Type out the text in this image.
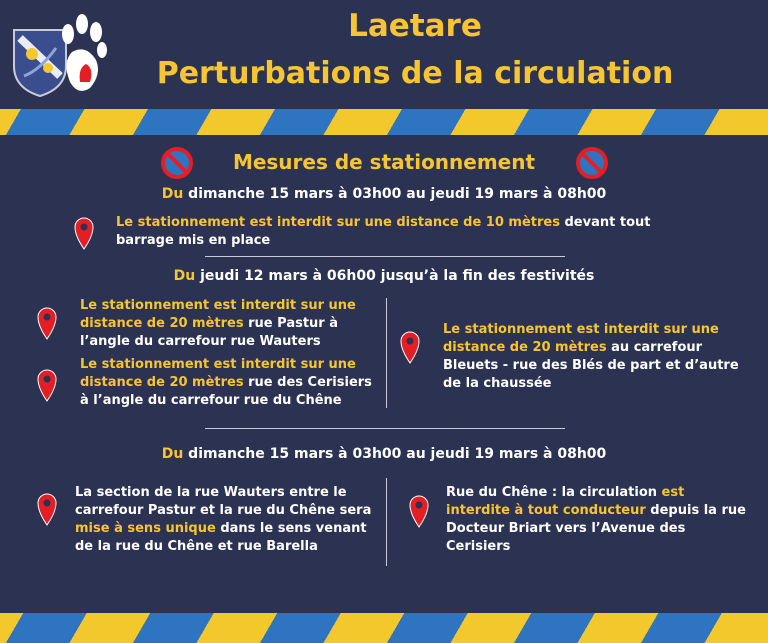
Laetare
Perturbations de la circulation
Mesures de stationnement
Du dimanche 15 mars à 03h00 au jeudi 19 mars à 08h00
Le stationnement est interdit sur une distance de 10 mètres devant tout barrage mis en place
Du jeudi 12 mars à 06h00 jusqu’à la fin des festivités
Le stationnement est interdit sur une distance de 20 mètres rue Pastur à l’angle du carrefour rue Wauters
Le stationnement est interdit sur une distance de 20 mètres rue des Cerisiers à l’angle du carrefour rue du Chêne
Le stationnement est interdit sur une distance de 20 mètres au carrefour Bleuets - rue des Blés de part et d’autre de la chaussée
Du dimanche 15 mars à 03h00 au jeudi 19 mars à 08h00
La section de la rue Wauters entre le carrefour Pastur et la rue du Chêne sera mise à sens unique dans le sens venant de la rue du Chêne et rue Barella
Rue du Chêne : la circulation est interdite à tout conducteur depuis la rue Docteur Briart vers l’Avenue des Cerisiers
